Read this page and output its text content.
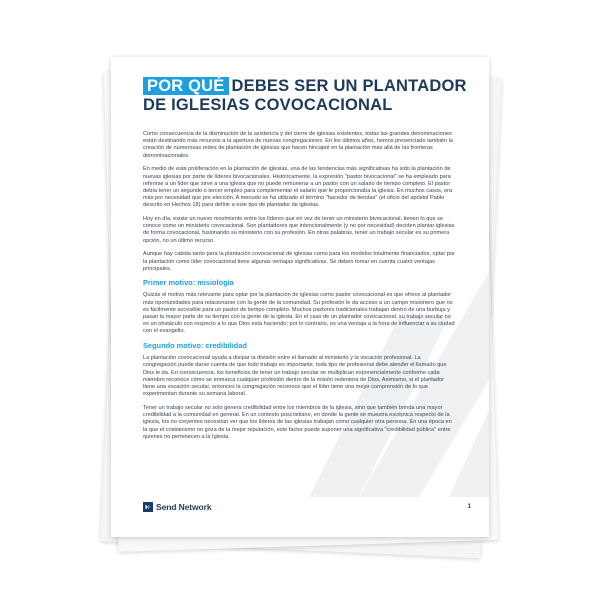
POR QUÉ DEBES SER UN PLANTADOR DE IGLESIAS COVOCACIONAL

Como consecuencia de la disminución de la asistencia y del cierre de iglesias existentes, todas las grandes denominaciones están destinando más recursos a la apertura de nuevas congregaciones. En los últimos años, hemos presenciado también la creación de numerosas redes de plantación de iglesias que hacen hincapié en la plantación más allá de las fronteras denominacionales.

En medio de esta proliferación en la plantación de iglesias, una de las tendencias más significativas ha sido la plantación de nuevas iglesias por parte de líderes bivocacionales. Históricamente, la expresión "pastor bivocacional" se ha empleado para referirse a un líder que sirve a una iglesia que no puede remunerar a un pastor con un salario de tiempo completo. El pastor debía tener un segundo o tercer empleo para complementar el salario que le proporcionaba la iglesia. En muchos casos, era más por necesidad que por elección. A menudo se ha utilizado el término "hacedor de tiendas" (el oficio del apóstol Pablo descrito en Hechos 18) para definir a este tipo de plantador de iglesias.

Hoy en día, existe un nuevo movimiento entre los líderes que en vez de tener un ministerio bivocacional, tienen lo que se conoce como un ministerio covocacional. Son plantadores que intencionalmente (y no por necesidad) deciden plantar iglesias de forma covocacional, fusionando su ministerio con su profesión. En otras palabras, tener un trabajo secular es su primera opción, no un último recurso.

Aunque hay cabida tanto para la plantación covocacional de iglesias como para los modelos totalmente financiados, optar por la plantación como líder covocacional tiene algunas ventajas significativas. Se deben tomar en cuenta cuatro ventajas principales.

Primer motivo: misiología

Quizás el motivo más relevante para optar por la plantación de iglesias como pastor covocacional es que ofrece al plantador más oportunidades para relacionarse con la gente de la comunidad. Su profesión le da acceso a un campo misionero que no es fácilmente accesible para un pastor de tiempo completo. Muchos pastores tradicionales trabajan dentro de una burbuja y pasan la mayor parte de su tiempo con la gente de la iglesia. En el caso de un plantador covocacional, su trabajo secular no es un obstáculo con respecto a lo que Dios está haciendo; por lo contrario, es una ventaja a la hora de influenciar a su ciudad con el evangelio.

Segundo motivo: credibilidad

La plantación covocacional ayuda a disipar la división entre el llamado al ministerio y la vocación profesional. La congregación puede darse cuenta de que todo trabajo es importante, toda tipo de profesional debe atender el llamado que Dios le da. En consecuencia, los beneficios de tener un trabajo secular se multiplican exponencialmente conforme cada miembro reconoce cómo se enmarca cualquier profesión dentro de la misión redentora de Dios. Asimismo, si el plantador tiene una vocación secular, entonces la congregación reconoce que el líder tiene una mejor comprensión de lo que experimentan durante su semana laboral.

Tener un trabajo secular no solo genera credibilidad entre los miembros de la iglesia, sino que también brinda una mayor credibilidad a la comunidad en general. En un contexto poscristiano, en donde la gente se muestra escéptica respecto de la iglesia, los no creyentes necesitan ver que los líderes de las iglesias trabajan como cualquier otra persona. En una época en la que el cristianismo no goza de la mejor reputación, este factor puede suponer una significativa "credibilidad pública" entre quienes no pertenecen a la Iglesia.

Send Network	1
